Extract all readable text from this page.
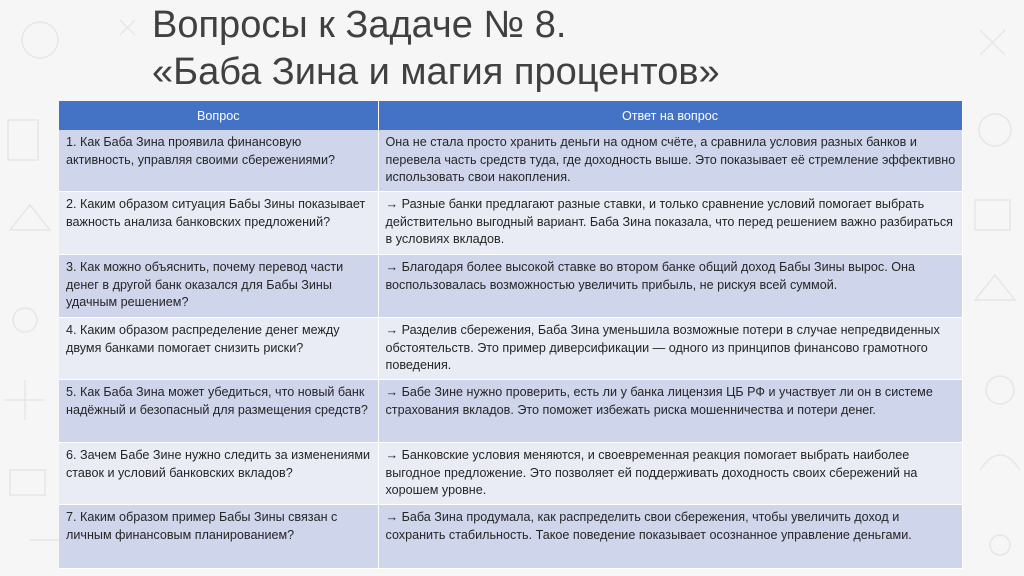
Вопросы к Задаче № 8.
«Баба Зина и магия процентов»
Вопрос	Ответ на вопрос
1. Как Баба Зина проявила финансовую активность, управляя своими сбережениями?	Она не стала просто хранить деньги на одном счёте, а сравнила условия разных банков и перевела часть средств туда, где доходность выше. Это показывает её стремление эффективно использовать свои накопления.
2. Каким образом ситуация Бабы Зины показывает важность анализа банковских предложений?	→ Разные банки предлагают разные ставки, и только сравнение условий помогает выбрать действительно выгодный вариант. Баба Зина показала, что перед решением важно разбираться в условиях вкладов.
3. Как можно объяснить, почему перевод части денег в другой банк оказался для Бабы Зины удачным решением?	→ Благодаря более высокой ставке во втором банке общий доход Бабы Зины вырос. Она воспользовалась возможностью увеличить прибыль, не рискуя всей суммой.
4. Каким образом распределение денег между двумя банками помогает снизить риски?	→ Разделив сбережения, Баба Зина уменьшила возможные потери в случае непредвиденных обстоятельств. Это пример диверсификации — одного из принципов финансово грамотного поведения.
5. Как Баба Зина может убедиться, что новый банк надёжный и безопасный для размещения средств?	→ Бабе Зине нужно проверить, есть ли у банка лицензия ЦБ РФ и участвует ли он в системе страхования вкладов. Это поможет избежать риска мошенничества и потери денег.
6. Зачем Бабе Зине нужно следить за изменениями ставок и условий банковских вкладов?	→ Банковские условия меняются, и своевременная реакция помогает выбрать наиболее выгодное предложение. Это позволяет ей поддерживать доходность своих сбережений на хорошем уровне.
7. Каким образом пример Бабы Зины связан с личным финансовым планированием?	→ Баба Зина продумала, как распределить свои сбережения, чтобы увеличить доход и сохранить стабильность. Такое поведение показывает осознанное управление деньгами.
